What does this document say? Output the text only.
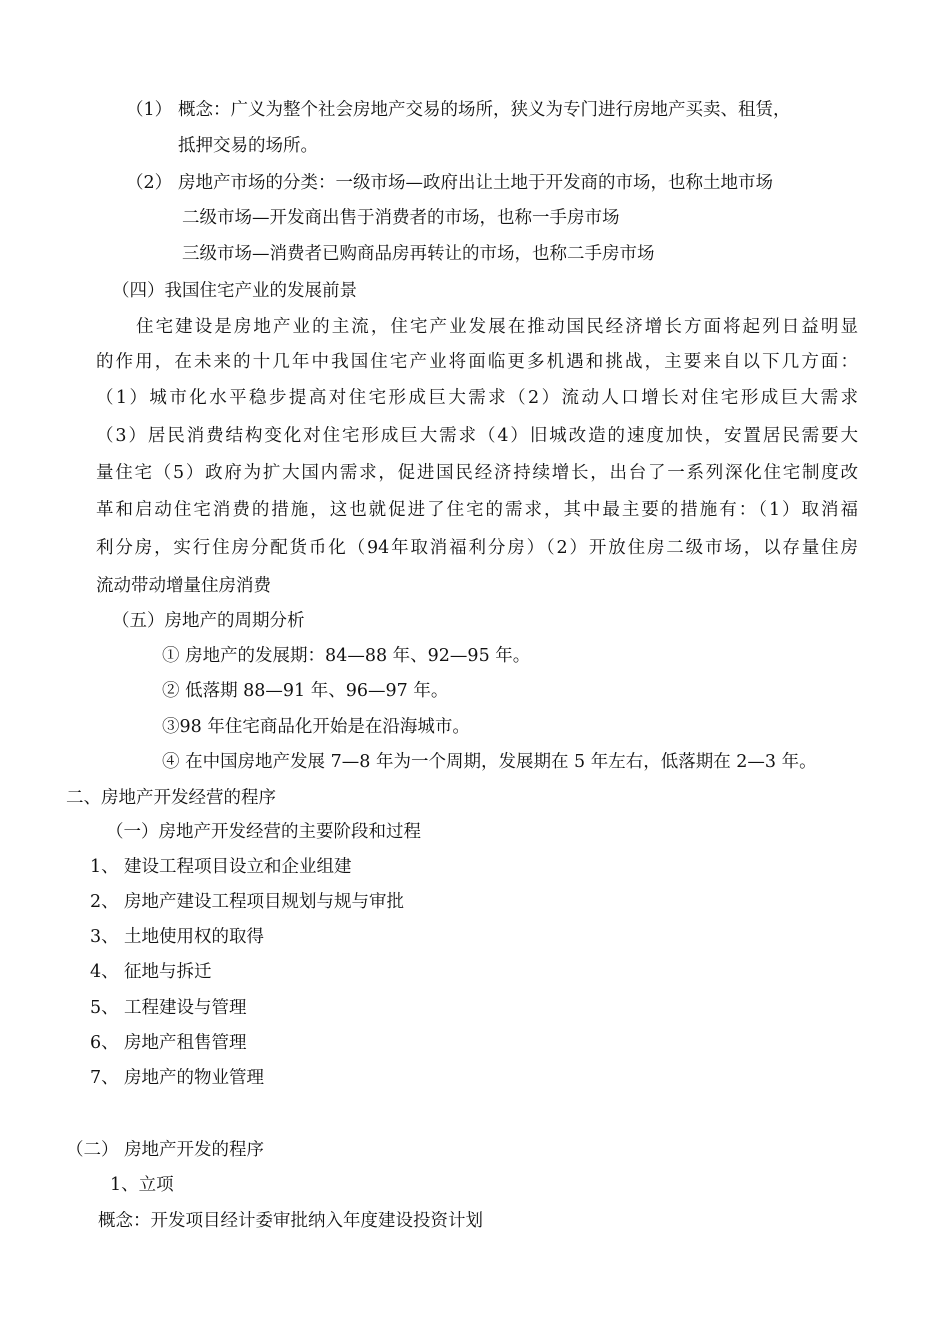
（1） 概念：广义为整个社会房地产交易的场所，狭义为专门进行房地产买卖、租赁，
抵押交易的场所。
（2） 房地产市场的分类：一级市场—政府出让土地于开发商的市场，也称土地市场
二级市场—开发商出售于消费者的市场，也称一手房市场
三级市场—消费者已购商品房再转让的市场，也称二手房市场
（四）我国住宅产业的发展前景
住宅建设是房地产业的主流，住宅产业发展在推动国民经济增长方面将起列日益明显
的作用，在未来的十几年中我国住宅产业将面临更多机遇和挑战，主要来自以下几方面：
（1）城市化水平稳步提高对住宅形成巨大需求（2）流动人口增长对住宅形成巨大需求
（3）居民消费结构变化对住宅形成巨大需求（4）旧城改造的速度加快，安置居民需要大
量住宅（5）政府为扩大国内需求，促进国民经济持续增长，出台了一系列深化住宅制度改
革和启动住宅消费的措施，这也就促进了住宅的需求，其中最主要的措施有：（1）取消福
利分房，实行住房分配货币化（94年取消福利分房）（2）开放住房二级市场，以存量住房
流动带动增量住房消费
（五）房地产的周期分析
① 房地产的发展期：84—88 年、92—95 年。
② 低落期 88—91 年、96—97 年。
③98 年住宅商品化开始是在沿海城市。
④ 在中国房地产发展 7—8 年为一个周期，发展期在 5 年左右，低落期在 2—3 年。
二、房地产开发经营的程序
（一）房地产开发经营的主要阶段和过程
1、 建设工程项目设立和企业组建
2、 房地产建设工程项目规划与规与审批
3、 土地使用权的取得
4、 征地与拆迁
5、 工程建设与管理
6、 房地产租售管理
7、 房地产的物业管理
（二） 房地产开发的程序
1、立项
概念：开发项目经计委审批纳入年度建设投资计划
